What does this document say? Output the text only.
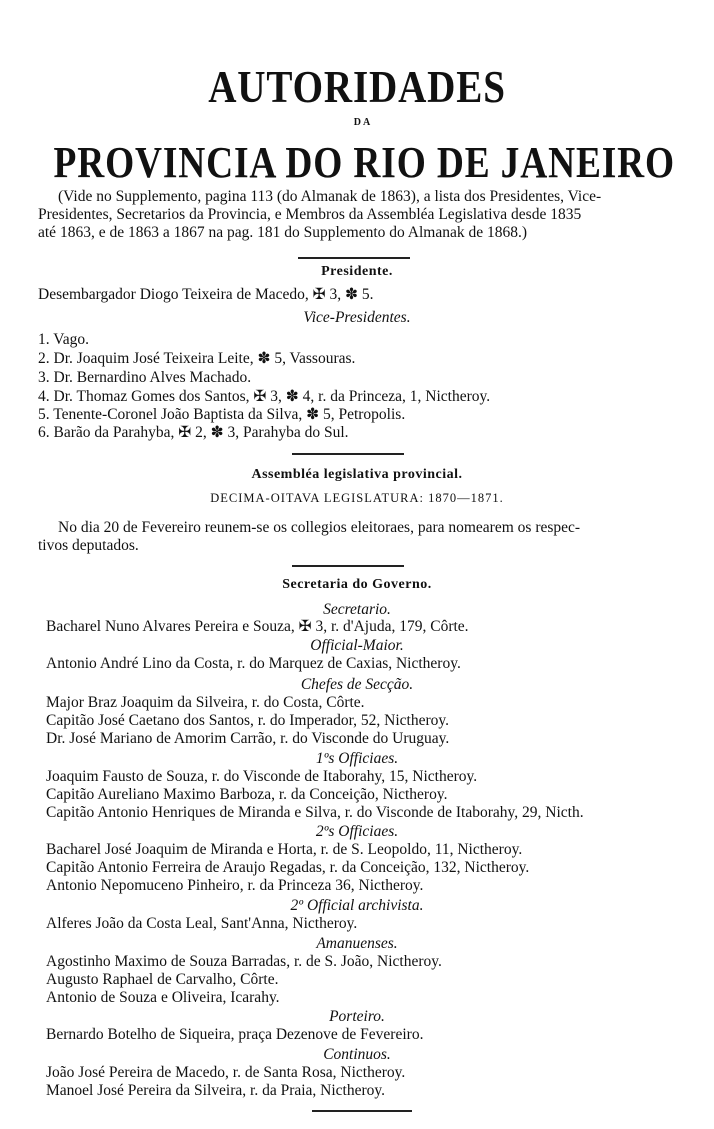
AUTORIDADES
DA
PROVINCIA DO RIO DE JANEIRO
(Vide no Supplemento, pagina 113 (do Almanak de 1863), a lista dos Presidentes, Vice-
Presidentes, Secretarios da Provincia, e Membros da Assembléa Legislativa desde 1835
até 1863, e de 1863 a 1867 na pag. 181 do Supplemento do Almanak de 1868.)
Presidente.
Desembargador Diogo Teixeira de Macedo, ✠ 3, ✽ 5.
Vice-Presidentes.
1. Vago.
2. Dr. Joaquim José Teixeira Leite, ✽ 5, Vassouras.
3. Dr. Bernardino Alves Machado.
4. Dr. Thomaz Gomes dos Santos, ✠ 3, ✽ 4, r. da Princeza, 1, Nictheroy.
5. Tenente-Coronel João Baptista da Silva, ✽ 5, Petropolis.
6. Barão da Parahyba, ✠ 2, ✽ 3, Parahyba do Sul.
Assembléa legislativa provincial.
DECIMA-OITAVA LEGISLATURA: 1870—1871.
No dia 20 de Fevereiro reunem-se os collegios eleitoraes, para nomearem os respec-
tivos deputados.
Secretaria do Governo.
Secretario.
Bacharel Nuno Alvares Pereira e Souza, ✠ 3, r. d'Ajuda, 179, Côrte.
Official-Maior.
Antonio André Lino da Costa, r. do Marquez de Caxias, Nictheroy.
Chefes de Secção.
Major Braz Joaquim da Silveira, r. do Costa, Côrte.
Capitão José Caetano dos Santos, r. do Imperador, 52, Nictheroy.
Dr. José Mariano de Amorim Carrão, r. do Visconde do Uruguay.
1ºs Officiaes.
Joaquim Fausto de Souza, r. do Visconde de Itaborahy, 15, Nictheroy.
Capitão Aureliano Maximo Barboza, r. da Conceição, Nictheroy.
Capitão Antonio Henriques de Miranda e Silva, r. do Visconde de Itaborahy, 29, Nicth.
2ºs Officiaes.
Bacharel José Joaquim de Miranda e Horta, r. de S. Leopoldo, 11, Nictheroy.
Capitão Antonio Ferreira de Araujo Regadas, r. da Conceição, 132, Nictheroy.
Antonio Nepomuceno Pinheiro, r. da Princeza 36, Nictheroy.
2º Official archivista.
Alferes João da Costa Leal, Sant'Anna, Nictheroy.
Amanuenses.
Agostinho Maximo de Souza Barradas, r. de S. João, Nictheroy.
Augusto Raphael de Carvalho, Côrte.
Antonio de Souza e Oliveira, Icarahy.
Porteiro.
Bernardo Botelho de Siqueira, praça Dezenove de Fevereiro.
Continuos.
João José Pereira de Macedo, r. de Santa Rosa, Nictheroy.
Manoel José Pereira da Silveira, r. da Praia, Nictheroy.
